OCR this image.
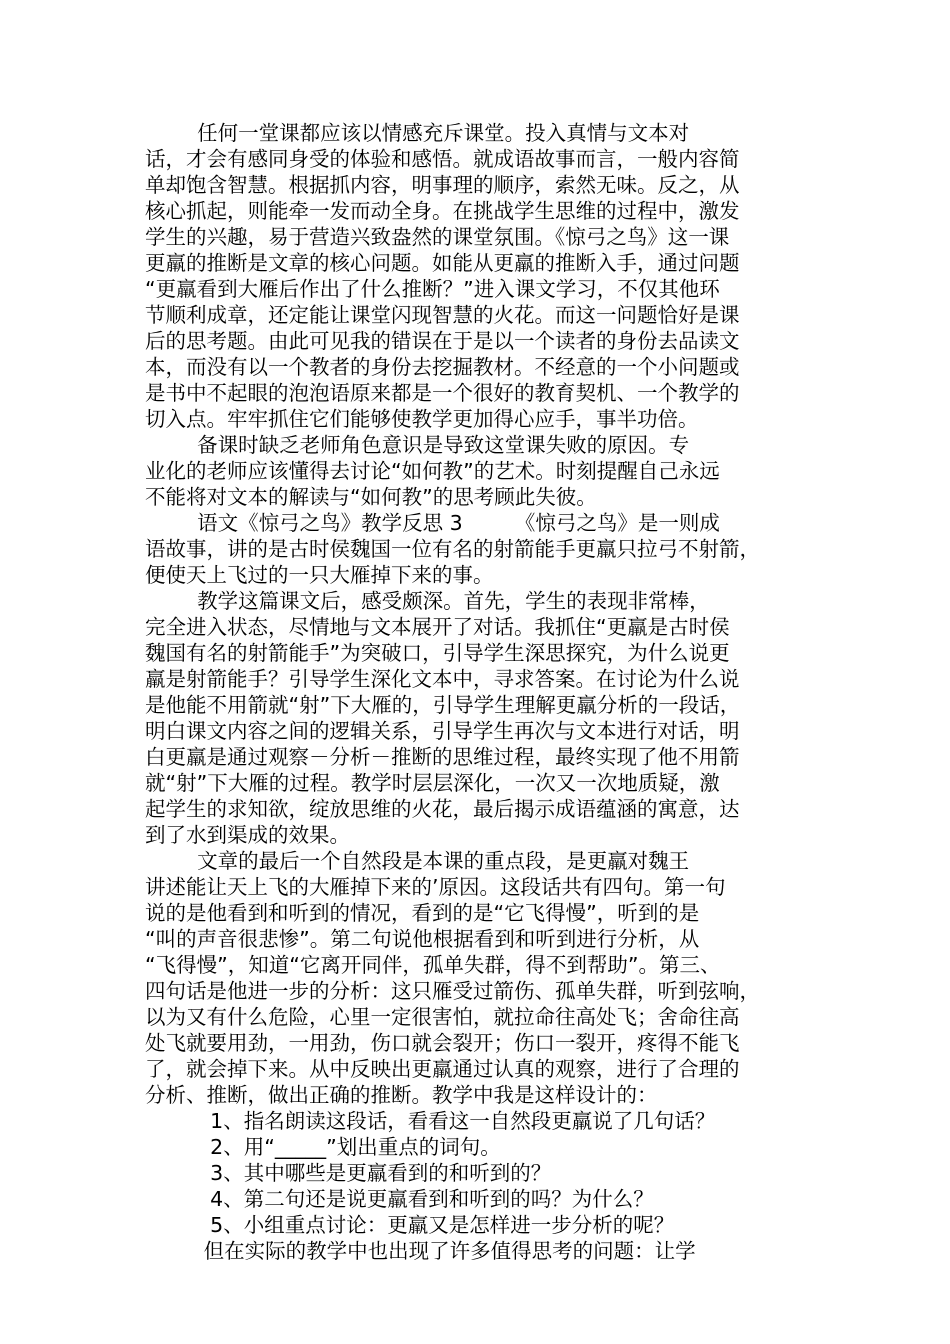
任何一堂课都应该以情感充斥课堂。投入真情与文本对
话，才会有感同身受的体验和感悟。就成语故事而言，一般内容简
单却饱含智慧。根据抓内容，明事理的顺序，索然无味。反之，从
核心抓起，则能牵一发而动全身。在挑战学生思维的过程中，激发
学生的兴趣，易于营造兴致盎然的课堂氛围。《惊弓之鸟》这一课
更羸的推断是文章的核心问题。如能从更羸的推断入手，通过问题
“更羸看到大雁后作出了什么推断？”进入课文学习，不仅其他环
节顺利成章，还定能让课堂闪现智慧的火花。而这一问题恰好是课
后的思考题。由此可见我的错误在于是以一个读者的身份去品读文
本，而没有以一个教者的身份去挖掘教材。不经意的一个小问题或
是书中不起眼的泡泡语原来都是一个很好的教育契机、一个教学的
切入点。牢牢抓住它们能够使教学更加得心应手，事半功倍。
备课时缺乏老师角色意识是导致这堂课失败的原因。专
业化的老师应该懂得去讨论“如何教”的艺术。时刻提醒自己永远
不能将对文本的解读与“如何教”的思考顾此失彼。
语文《惊弓之鸟》教学反思 3        《惊弓之鸟》是一则成
语故事，讲的是古时侯魏国一位有名的射箭能手更羸只拉弓不射箭，
便使天上飞过的一只大雁掉下来的事。
教学这篇课文后，感受颇深。首先，学生的表现非常棒，
完全进入状态，尽情地与文本展开了对话。我抓住“更羸是古时侯
魏国有名的射箭能手”为突破口，引导学生深思探究，为什么说更
羸是射箭能手？引导学生深化文本中，寻求答案。在讨论为什么说
是他能不用箭就“射”下大雁的，引导学生理解更羸分析的一段话，
明白课文内容之间的逻辑关系，引导学生再次与文本进行对话，明
白更羸是通过观察－分析－推断的思维过程，最终实现了他不用箭
就“射”下大雁的过程。教学时层层深化，一次又一次地质疑，激
起学生的求知欲，绽放思维的火花，最后揭示成语蕴涵的寓意，达
到了水到渠成的效果。
文章的最后一个自然段是本课的重点段，是更羸对魏王
讲述能让天上飞的大雁掉下来的’原因。这段话共有四句。第一句
说的是他看到和听到的情况，看到的是“它飞得慢”，听到的是
“叫的声音很悲惨”。第二句说他根据看到和听到进行分析，从
“飞得慢”，知道“它离开同伴，孤单失群，得不到帮助”。第三、
四句话是他进一步的分析：这只雁受过箭伤、孤单失群，听到弦响，
以为又有什么危险，心里一定很害怕，就拉命往高处飞；舍命往高
处飞就要用劲，一用劲，伤口就会裂开；伤口一裂开，疼得不能飞
了，就会掉下来。从中反映出更羸通过认真的观察，进行了合理的
分析、推断，做出正确的推断。教学中我是这样设计的：
1、指名朗读这段话，看看这一自然段更羸说了几句话？
2、用“_____”划出重点的词句。
3、其中哪些是更羸看到的和听到的？
4、第二句还是说更羸看到和听到的吗？为什么？
5、小组重点讨论：更羸又是怎样进一步分析的呢？
但在实际的教学中也出现了许多值得思考的问题：让学
